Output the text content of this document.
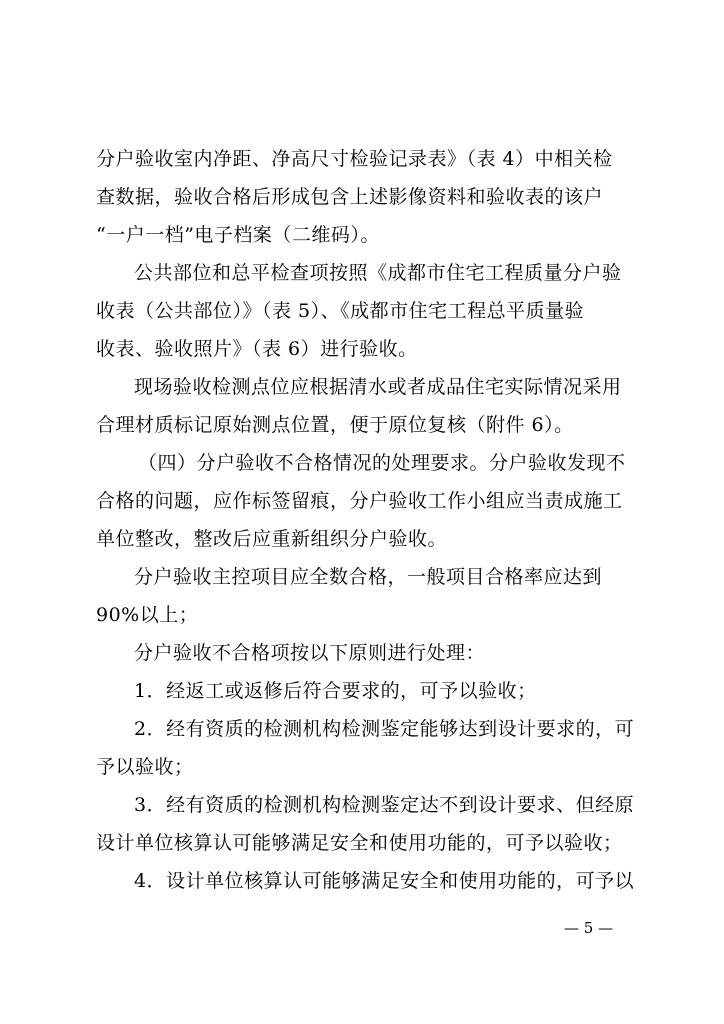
分户验收室内净距、净高尺寸检验记录表》（表 4）中相关检
查数据，验收合格后形成包含上述影像资料和验收表的该户
“一户一档”电子档案（二维码）。
公共部位和总平检查项按照《成都市住宅工程质量分户验
收表（公共部位）》（表 5）、《成都市住宅工程总平质量验
收表、验收照片》（表 6）进行验收。
现场验收检测点位应根据清水或者成品住宅实际情况采用
合理材质标记原始测点位置，便于原位复核（附件 6）。
（四）分户验收不合格情况的处理要求。分户验收发现不
合格的问题，应作标签留痕，分户验收工作小组应当责成施工
单位整改，整改后应重新组织分户验收。
分户验收主控项目应全数合格，一般项目合格率应达到
90%以上；
分户验收不合格项按以下原则进行处理：
1．经返工或返修后符合要求的，可予以验收；
2．经有资质的检测机构检测鉴定能够达到设计要求的，可
予以验收；
3．经有资质的检测机构检测鉴定达不到设计要求、但经原
设计单位核算认可能够满足安全和使用功能的，可予以验收；
4．设计单位核算认可能够满足安全和使用功能的，可予以
— 5 —
